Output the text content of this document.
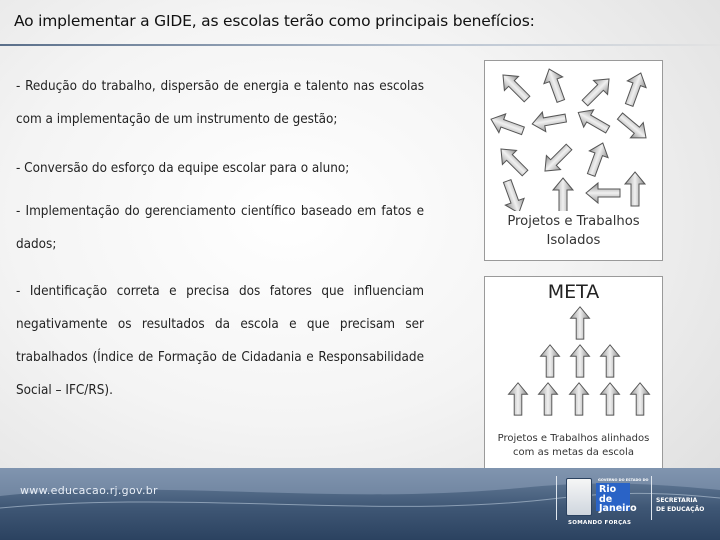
Ao implementar a GIDE, as escolas terão como principais benefícios:

- Redução do trabalho, dispersão de energia e talento nas escolas com a implementação de um instrumento de gestão;

- Conversão do esforço da equipe escolar para o aluno;

- Implementação do gerenciamento científico baseado em fatos e dados;

- Identificação correta e precisa dos fatores que influenciam negativamente os resultados da escola e que precisam ser trabalhados (Índice de Formação de Cidadania e Responsabilidade Social – IFC/RS).

Projetos e Trabalhos
Isolados
META
Projetos e Trabalhos alinhados
com as metas da escola
www.educacao.rj.gov.br
GOVERNO DO ESTADO DO
Rio de
Janeiro
SOMANDO FORÇAS
SECRETARIA
DE EDUCAÇÃO
